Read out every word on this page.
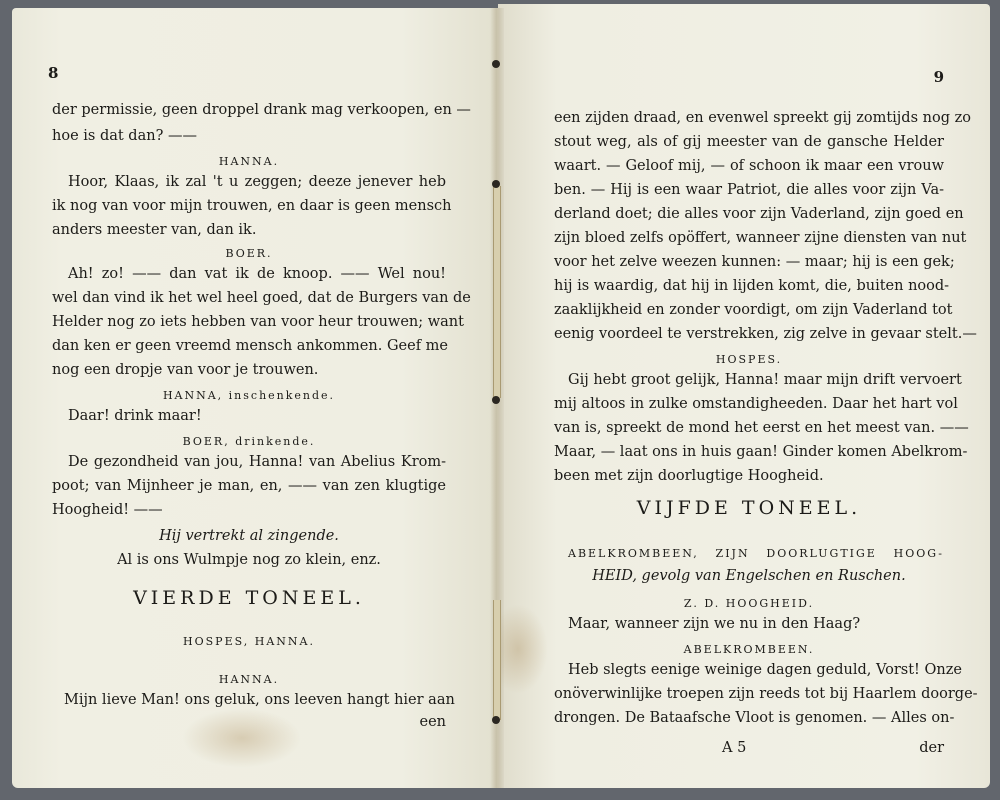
8
der permissie, geen droppel drank mag verkoopen, en —
hoe is dat dan? ——
HANNA.
Hoor, Klaas, ik zal 't u zeggen; deeze jenever heb
ik nog van voor mijn trouwen, en daar is geen mensch
anders meester van, dan ik.
BOER.
Ah! zo! —— dan vat ik de knoop. —— Wel nou!
wel dan vind ik het wel heel goed, dat de Burgers van de
Helder nog zo iets hebben van voor heur trouwen; want
dan ken er geen vreemd mensch ankommen. Geef me
nog een dropje van voor je trouwen.
HANNA, inschenkende.
Daar! drink maar!
BOER, drinkende.
De gezondheid van jou, Hanna! van Abelius Krom-
poot; van Mijnheer je man, en, —— van zen klugtige
Hoogheid! ——
Hij vertrekt al zingende.
Al is ons Wulmpje nog zo klein, enz.
VIERDE TONEEL.
HOSPES, HANNA.
HANNA.
Mijn lieve Man! ons geluk, ons leeven hangt hier aan
een
9
een zijden draad, en evenwel spreekt gij zomtijds nog zo
stout weg, als of gij meester van de gansche Helder
waart. — Geloof mij, — of schoon ik maar een vrouw
ben. — Hij is een waar Patriot, die alles voor zijn Va-
derland doet; die alles voor zijn Vaderland, zijn goed en
zijn bloed zelfs opöffert, wanneer zijne diensten van nut
voor het zelve weezen kunnen: — maar; hij is een gek;
hij is waardig, dat hij in lijden komt, die, buiten nood-
zaaklijkheid en zonder voordigt, om zijn Vaderland tot
eenig voordeel te verstrekken, zig zelve in gevaar stelt.—
HOSPES.
Gij hebt groot gelijk, Hanna! maar mijn drift vervoert
mij altoos in zulke omstandigheeden. Daar het hart vol
van is, spreekt de mond het eerst en het meest van. ——
Maar, — laat ons in huis gaan! Ginder komen Abelkrom-
been met zijn doorlugtige Hoogheid.
VIJFDE TONEEL.
ABELKROMBEEN, ZIJN DOORLUGTIGE HOOG-
HEID, gevolg van Engelschen en Ruschen.
Z. D. HOOGHEID.
Maar, wanneer zijn we nu in den Haag?
ABELKROMBEEN.
Heb slegts eenige weinige dagen geduld, Vorst! Onze
onöverwinlijke troepen zijn reeds tot bij Haarlem doorge-
drongen. De Bataafsche Vloot is genomen. — Alles on-
A 5	der
